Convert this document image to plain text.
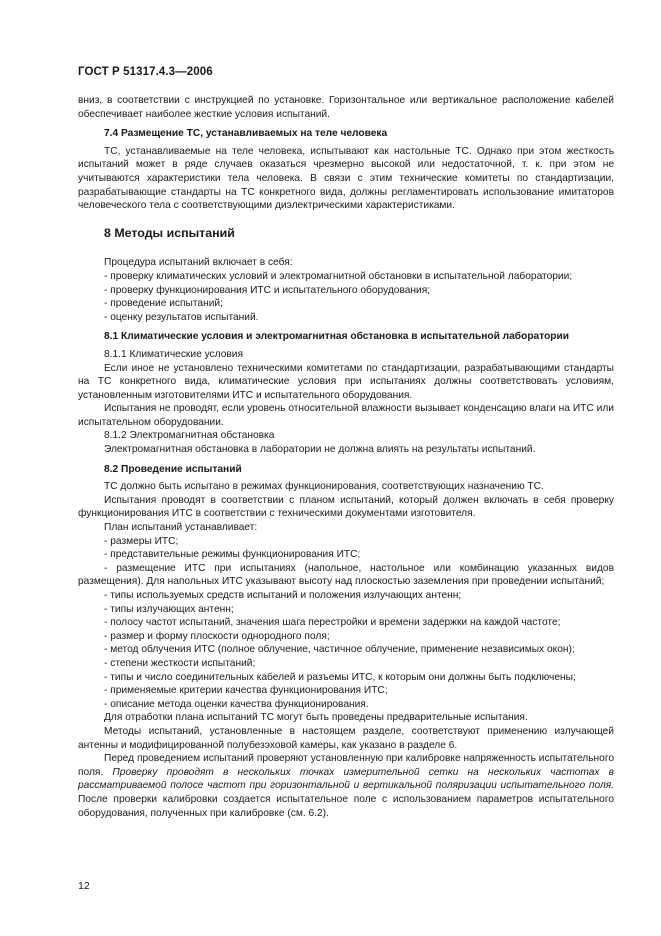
ГОСТ Р 51317.4.3—2006

вниз, в соответствии с инструкцией по установке. Горизонтальное или вертикальное расположение кабелей обеспечивает наиболее жесткие условия испытаний.

7.4 Размещение ТС, устанавливаемых на теле человека

ТС, устанавливаемые на теле человека, испытывают как настольные ТС. Однако при этом жесткость испытаний может в ряде случаев оказаться чрезмерно высокой или недостаточной, т. к. при этом не учитываются характеристики тела человека. В связи с этим технические комитеты по стандартизации, разрабатывающие стандарты на ТС конкретного вида, должны регламентировать использование имитаторов человеческого тела с соответствующими диэлектрическими характеристиками.

8 Методы испытаний

Процедура испытаний включает в себя:

- проверку климатических условий и электромагнитной обстановки в испытательной лаборатории;

- проверку функционирования ИТС и испытательного оборудования;

- проведение испытаний;

- оценку результатов испытаний.

8.1 Климатические условия и электромагнитная обстановка в испытательной лаборатории

8.1.1 Климатические условия

Если иное не установлено техническими комитетами по стандартизации, разрабатывающими стандарты на ТС конкретного вида, климатические условия при испытаниях должны соответствовать условиям, установленным изготовителями ИТС и испытательного оборудования.

Испытания не проводят, если уровень относительной влажности вызывает конденсацию влаги на ИТС или испытательном оборудовании.

8.1.2 Электромагнитная обстановка

Электромагнитная обстановка в лаборатории не должна влиять на результаты испытаний.

8.2 Проведение испытаний

ТС должно быть испытано в режимах функционирования, соответствующих назначению ТС.

Испытания проводят в соответствии с планом испытаний, который должен включать в себя проверку функционирования ИТС в соответствии с техническими документами изготовителя.

План испытаний устанавливает:

- размеры ИТС;

- представительные режимы функционирования ИТС;

- размещение ИТС при испытаниях (напольное, настольное или комбинацию указанных видов размещения). Для напольных ИТС указывают высоту над плоскостью заземления при проведении испытаний;

- типы используемых средств испытаний и положения излучающих антенн;

- типы излучающих антенн;

- полосу частот испытаний, значения шага перестройки и времени задержки на каждой частоте;

- размер и форму плоскости однородного поля;

- метод облучения ИТС (полное облучение, частичное облучение, применение независимых окон);

- степени жесткости испытаний;

- типы и число соединительных кабелей и разъемы ИТС, к которым они должны быть подключены;

- применяемые критерии качества функционирования ИТС;

- описание метода оценки качества функционирования.

Для отработки плана испытаний ТС могут быть проведены предварительные испытания.

Методы испытаний, установленные в настоящем разделе, соответствуют применению излучающей антенны и модифицированной полубезэховой камеры, как указано в разделе 6.

Перед проведением испытаний проверяют установленную при калибровке напряженность испытательного поля. Проверку проводят в нескольких точках измерительной сетки на нескольких частотах в рассматриваемой полосе частот при горизонтальной и вертикальной поляризации испытательного поля. После проверки калибровки создается испытательное поле с использованием параметров испытательного оборудования, полученных при калибровке (см. 6.2).

12
